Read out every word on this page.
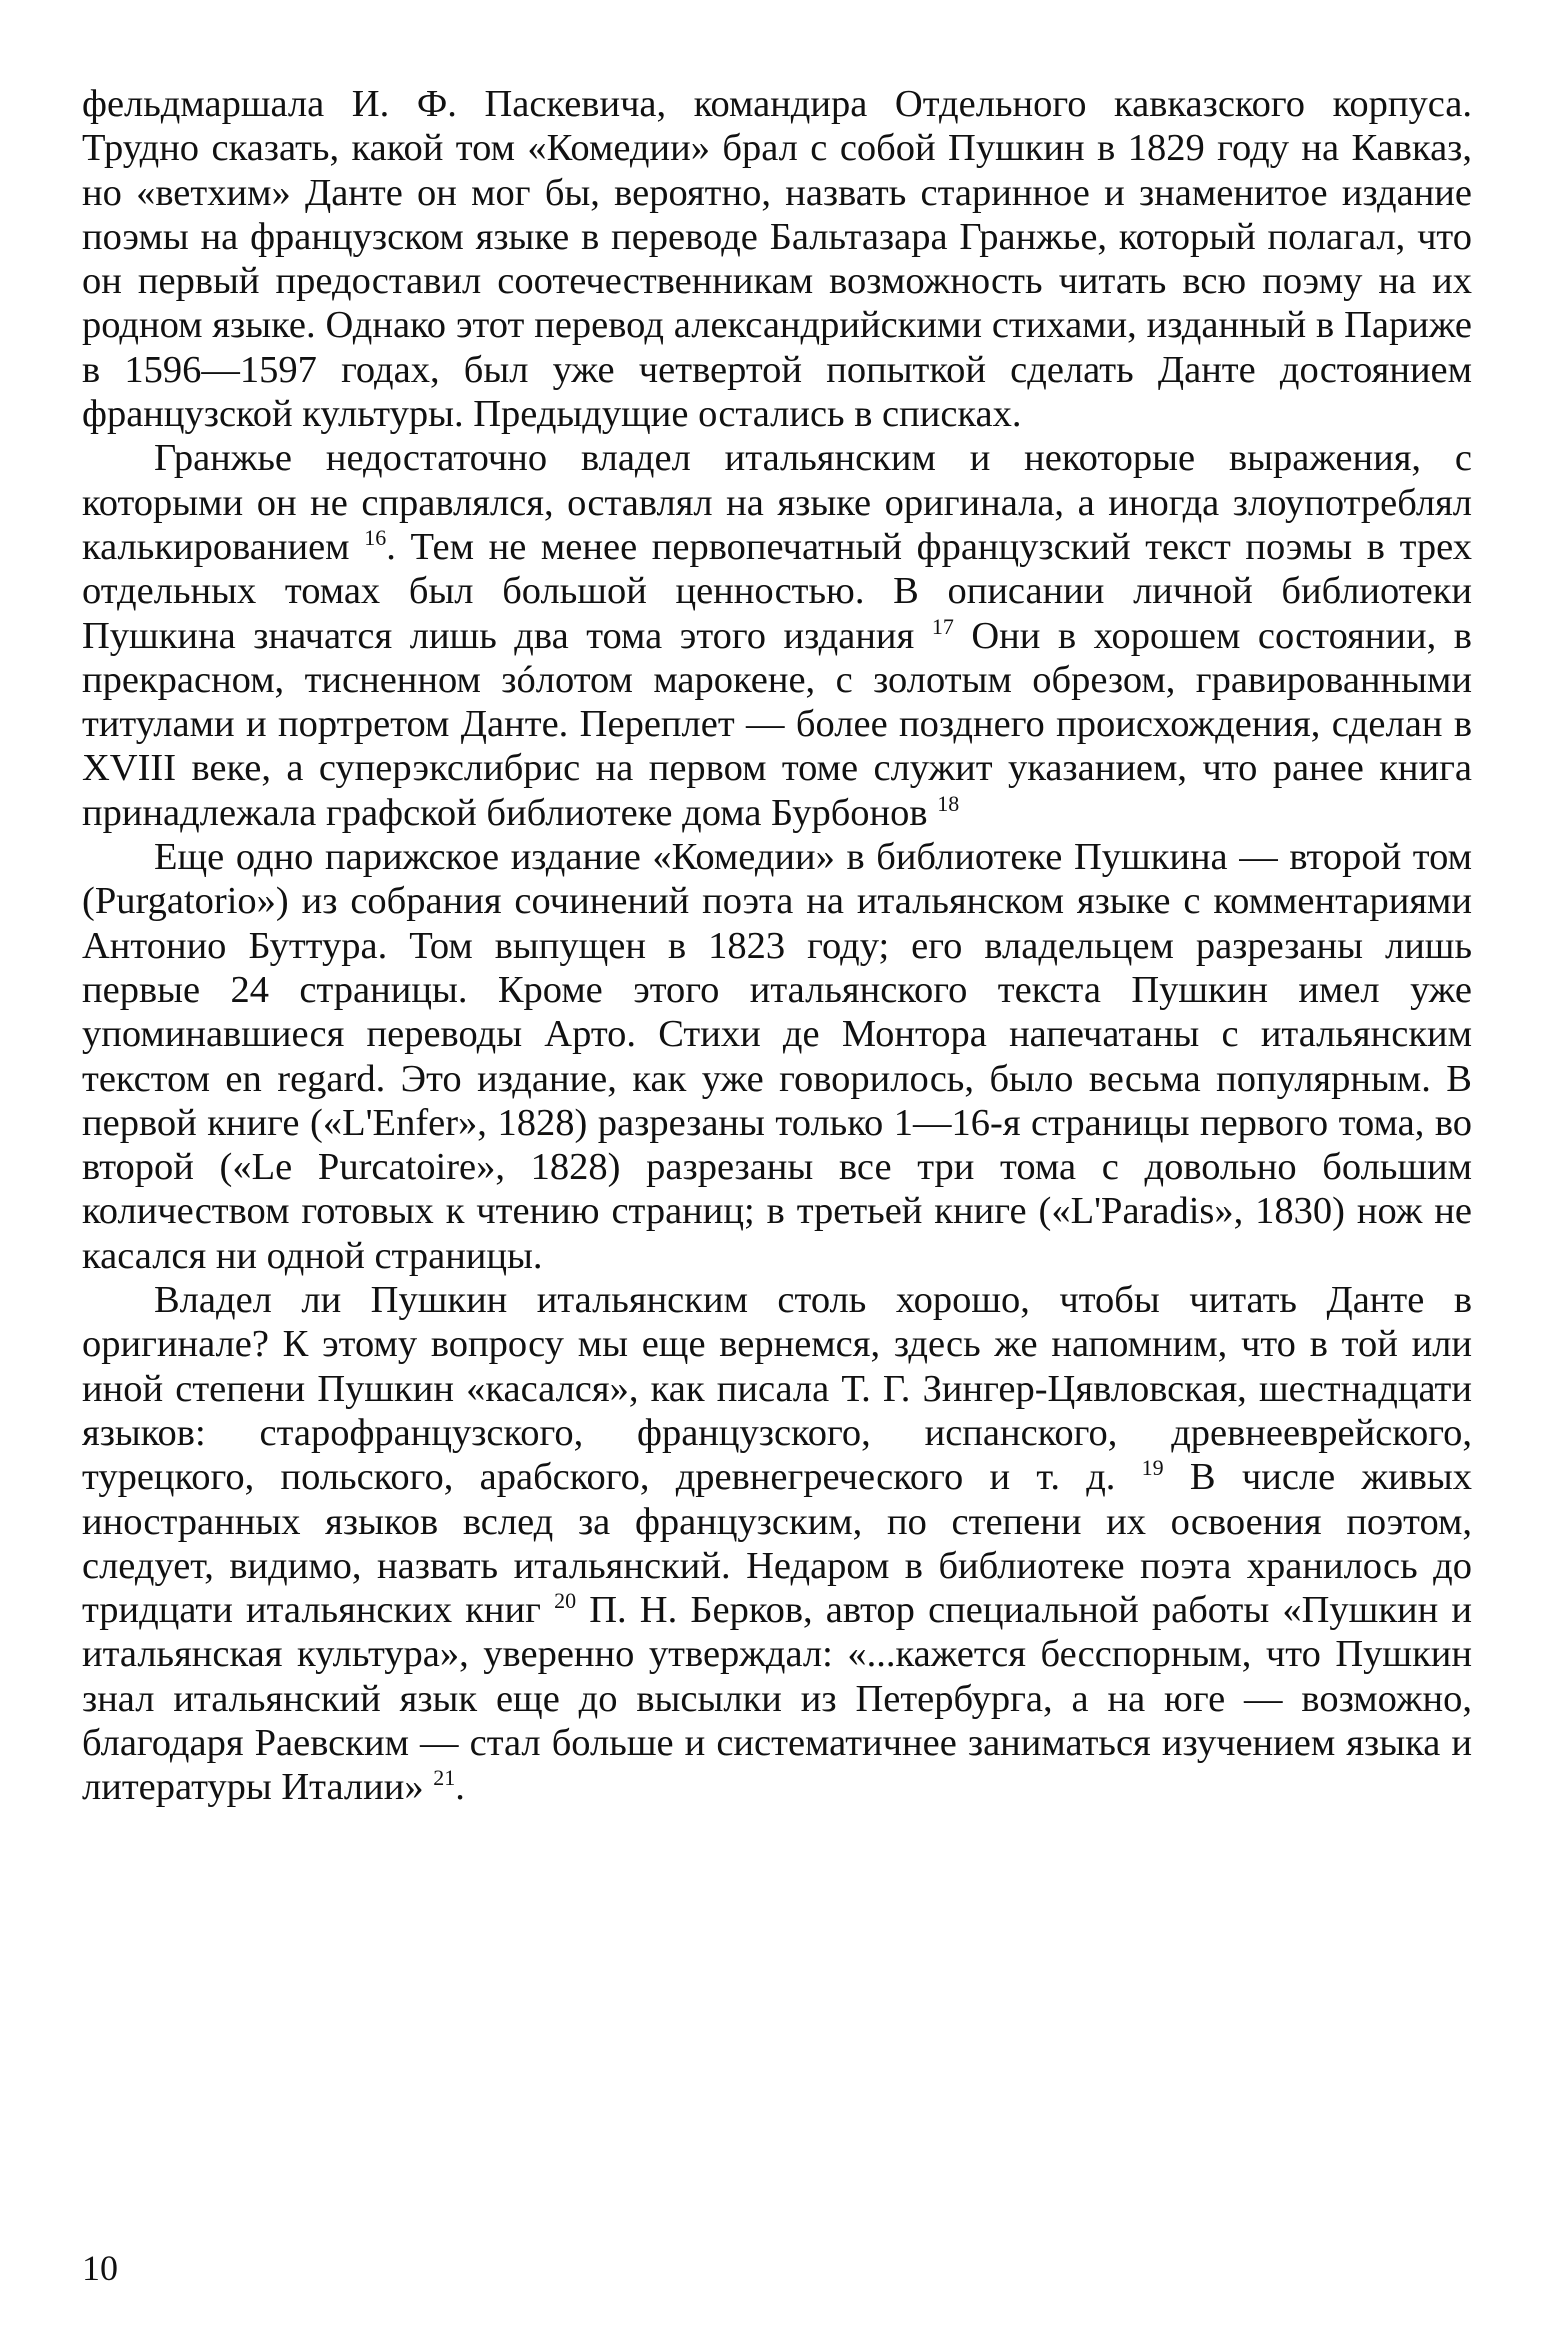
фельдмаршала И. Ф. Паскевича, командира Отдельного кавказского корпуса. Трудно сказать, какой том «Комедии» брал с собой Пушкин в 1829 году на Кавказ, но «ветхим» Данте он мог бы, вероятно, назвать старинное и знаменитое издание поэмы на французском языке в переводе Бальтазара Гранжье, который полагал, что он первый предоставил соотечественникам возможность читать всю поэму на их родном языке. Однако этот перевод александрийскими стихами, изданный в Париже в 1596—1597 годах, был уже четвертой попыткой сделать Данте достоянием французской культуры. Предыдущие остались в списках.

Гранжье недостаточно владел итальянским и некоторые выражения, с которыми он не справлялся, оставлял на языке оригинала, а иногда злоупотреблял калькированием $^{16}$. Тем не менее первопечатный французский текст поэмы в трех отдельных томах был большой ценностью. В описании личной библиотеки Пушкина значатся лишь два тома этого издания $^{17}$ Они в хорошем состоянии, в прекрасном, тисненном зóлотом марокене, с золотым обрезом, гравированными титулами и портретом Данте. Переплет — более позднего происхождения, сделан в XVIII веке, а суперэкслибрис на первом томе служит указанием, что ранее книга принадлежала графской библиотеке дома Бурбонов $^{18}$

Еще одно парижское издание «Комедии» в библиотеке Пушкина — второй том (Purgatorio») из собрания сочинений поэта на итальянском языке с комментариями Антонио Буттура. Том выпущен в 1823 году; его владельцем разрезаны лишь первые 24 страницы. Кроме этого итальянского текста Пушкин имел уже упоминавшиеся переводы Арто. Стихи де Монтора напечатаны с итальянским текстом en regard. Это издание, как уже говорилось, было весьма популярным. В первой книге («L'Enfer», 1828) разрезаны только 1—16-я страницы первого тома, во второй («Le Purcatoire», 1828) разрезаны все три тома с довольно большим количеством готовых к чтению страниц; в третьей книге («L'Paradis», 1830) нож не касался ни одной страницы.

Владел ли Пушкин итальянским столь хорошо, чтобы читать Данте в оригинале? К этому вопросу мы еще вернемся, здесь же напомним, что в той или иной степени Пушкин «касался», как писала Т. Г. Зингер-Цявловская, шестнадцати языков: старофранцузского, французского, испанского, древнееврейского, турецкого, польского, арабского, древнегреческого и т. д. $^{19}$ В числе живых иностранных языков вслед за французским, по степени их освоения поэтом, следует, видимо, назвать итальянский. Недаром в библиотеке поэта хранилось до тридцати итальянских книг $^{20}$ П. Н. Берков, автор специальной работы «Пушкин и итальянская культура», уверенно утверждал: «...кажется бесспорным, что Пушкин знал итальянский язык еще до высылки из Петербурга, а на юге — возможно, благодаря Раевским — стал больше и систематичнее заниматься изучением языка и литературы Италии» $^{21}$.

10
